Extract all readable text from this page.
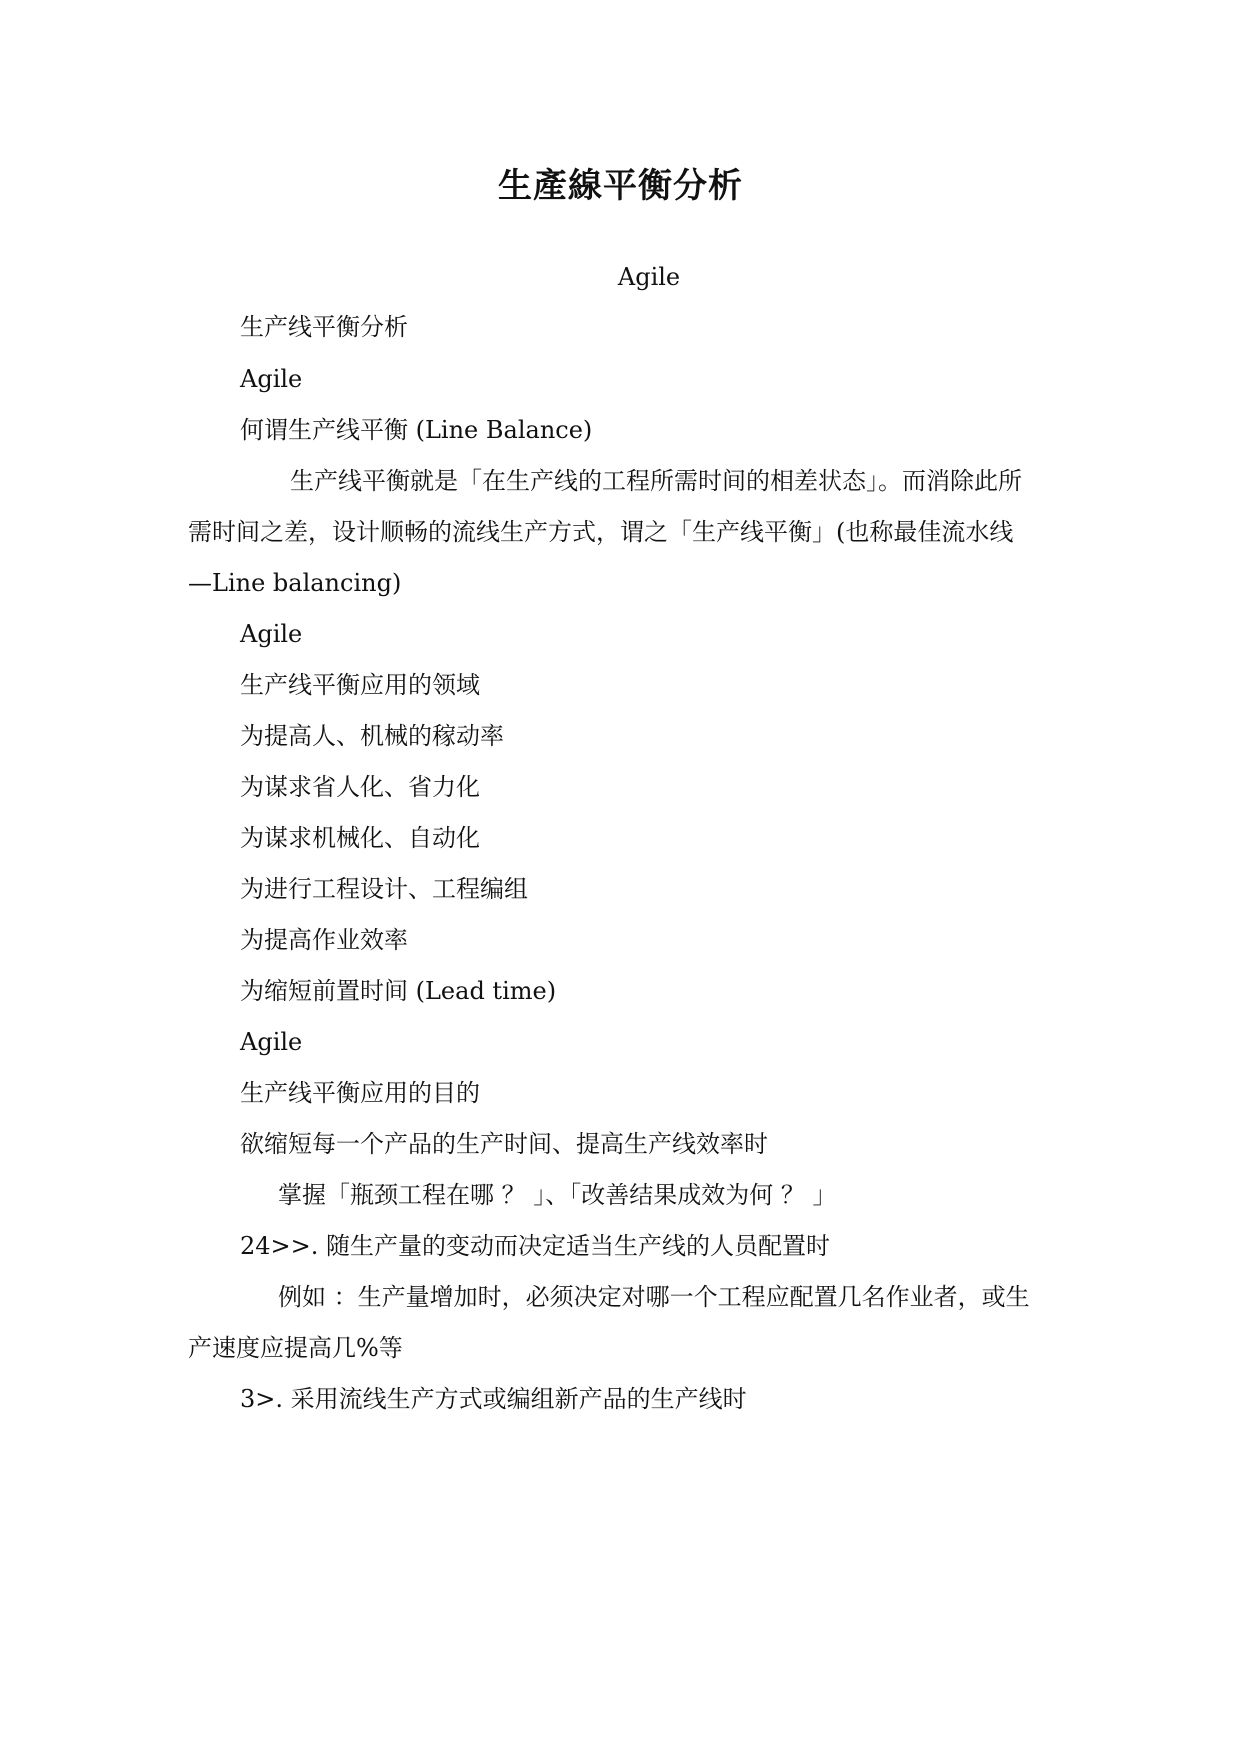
生產線平衡分析
Agile
生产线平衡分析
Agile
何谓生产线平衡 (Line Balance)
生产线平衡就是「在生产线的工程所需时间的相差状态」。而消除此所
需时间之差，设计顺畅的流线生产方式，谓之「生产线平衡」(也称最佳流水线
—Line balancing)
Agile
生产线平衡应用的领域
为提高人、机械的稼动率
为谋求省人化、省力化
为谋求机械化、自动化
为进行工程设计、工程编组
为提高作业效率
为缩短前置时间 (Lead time)
Agile
生产线平衡应用的目的
欲缩短每一个产品的生产时间、提高生产线效率时
掌握「瓶颈工程在哪 ？ 」、「改善结果成效为何 ？ 」
24>>. 随生产量的变动而决定适当生产线的人员配置时
例如 ：生产量增加时，必须决定对哪一个工程应配置几名作业者，或生
产速度应提高几%等
3>. 采用流线生产方式或编组新产品的生产线时
